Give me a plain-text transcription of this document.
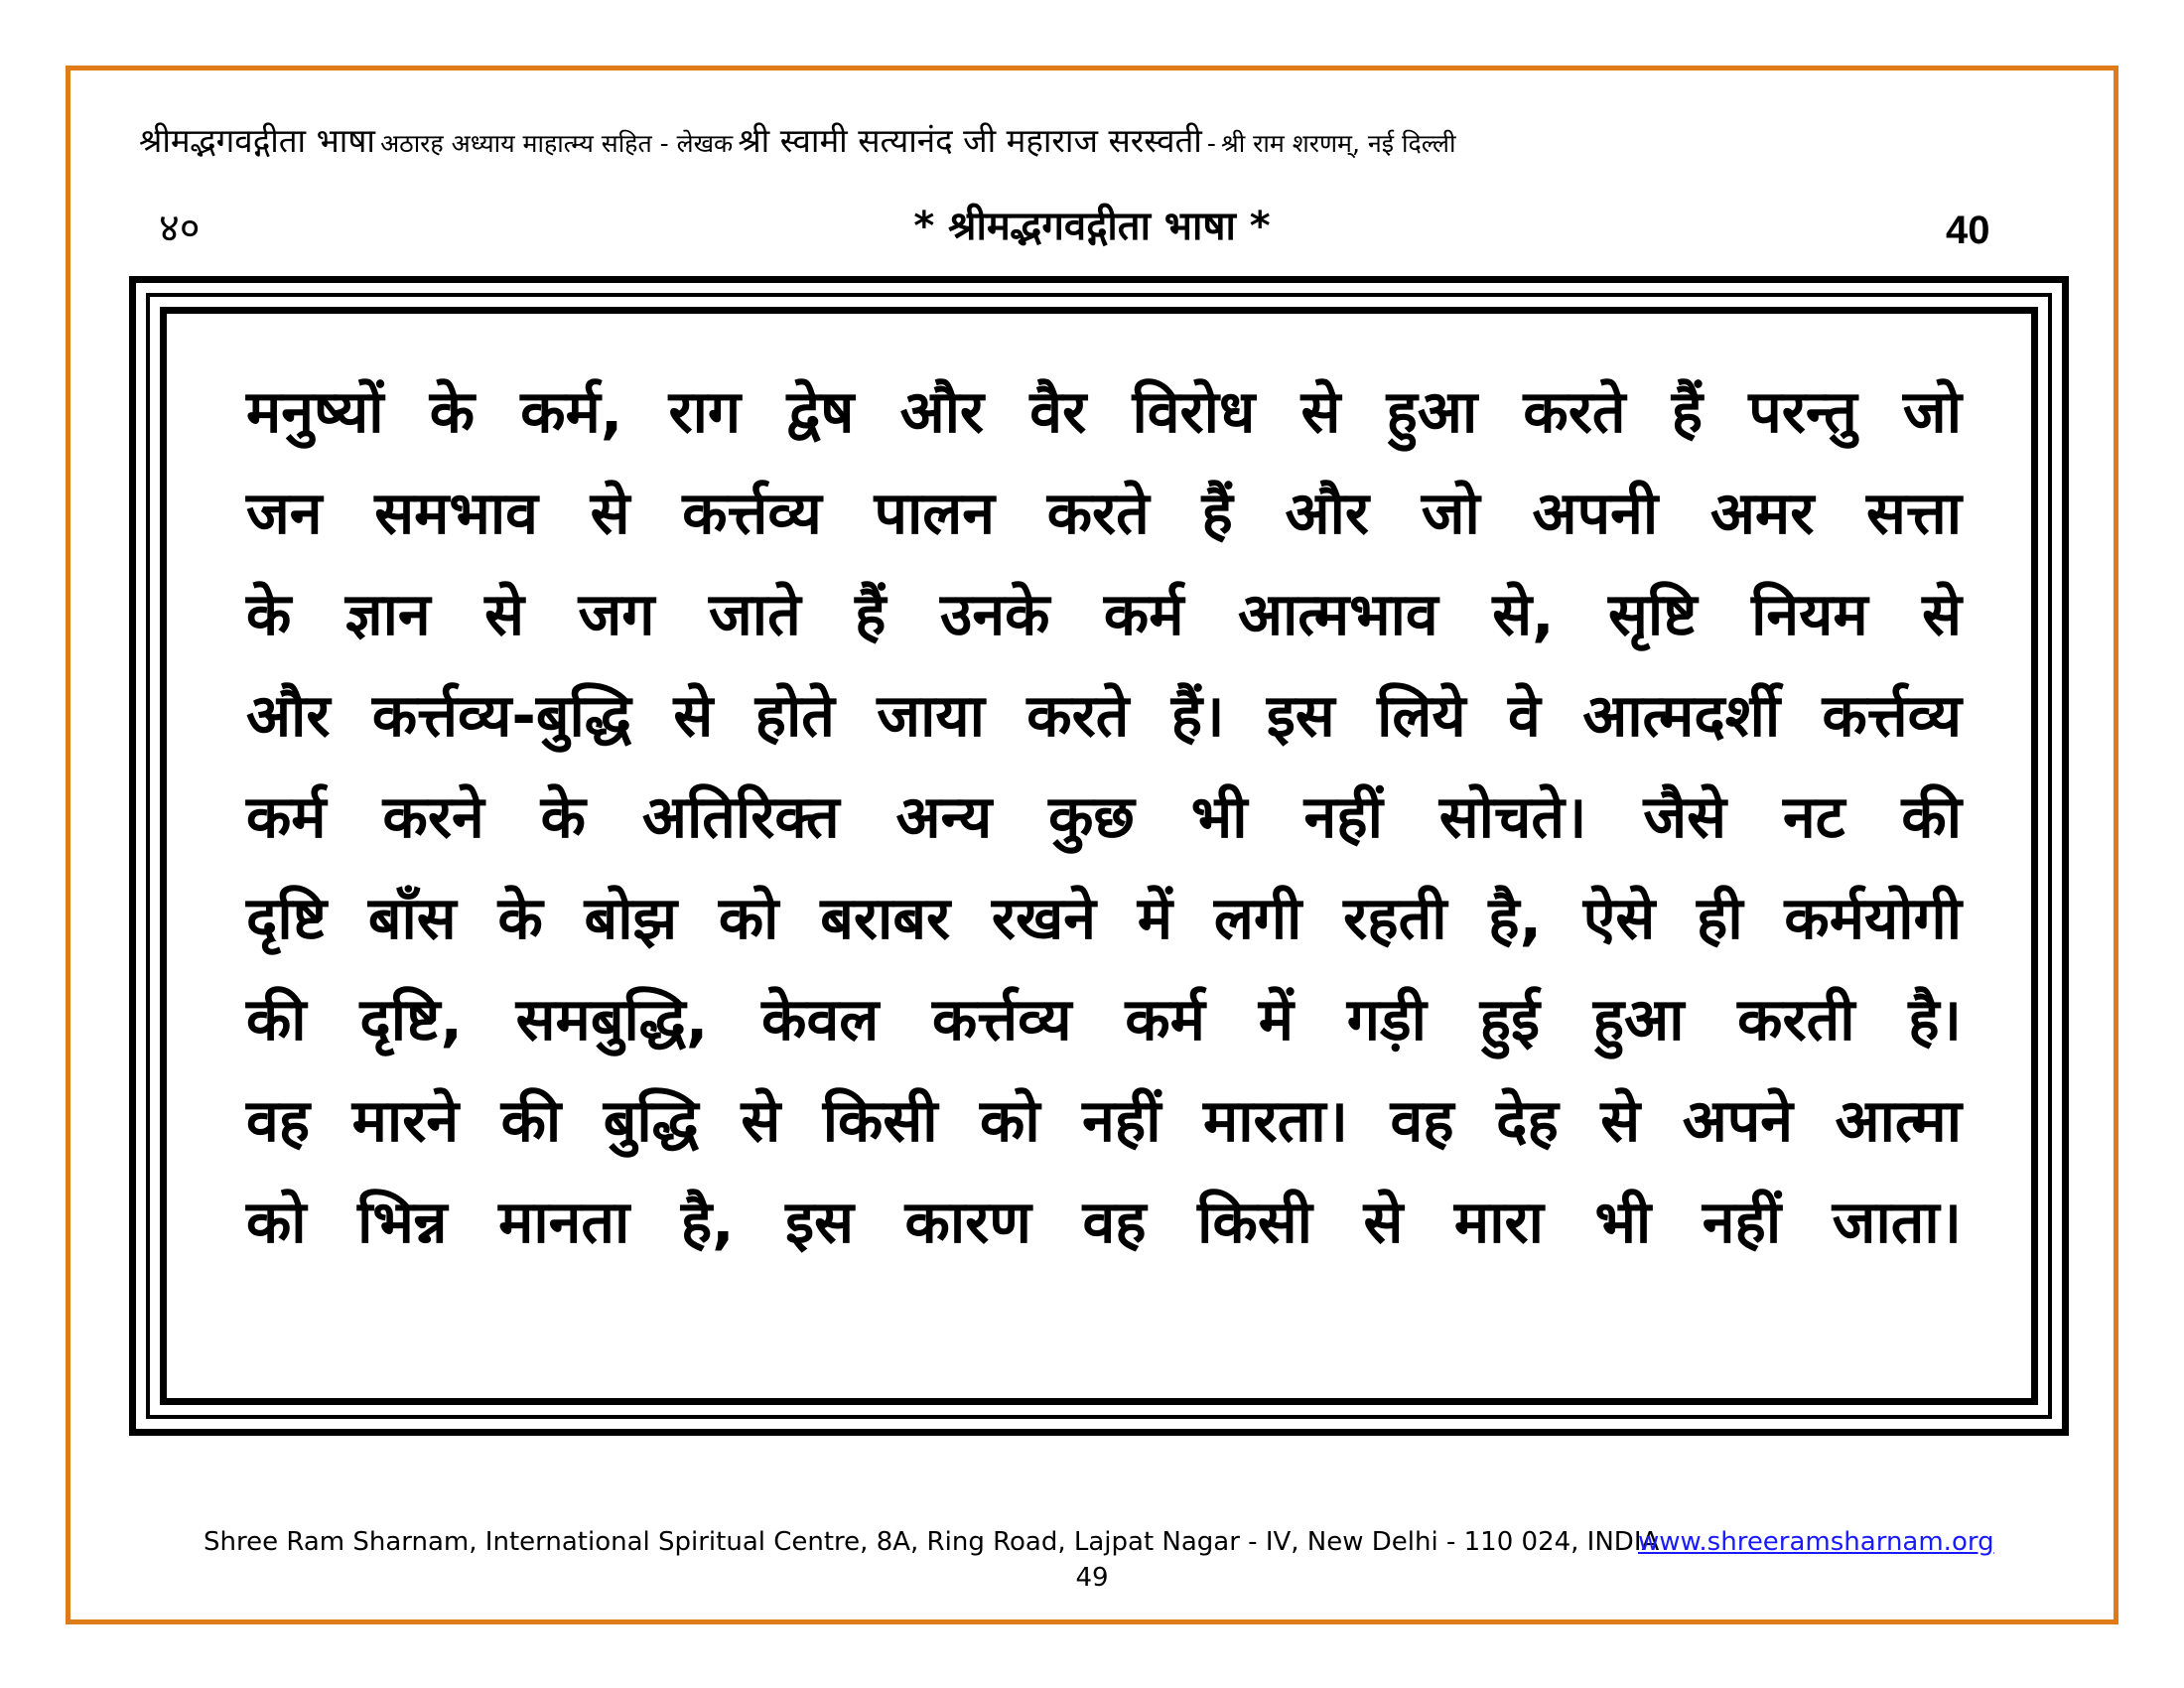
श्रीमद्भगवद्गीता भाषा अठारह अध्याय माहात्म्य सहित - लेखक श्री स्वामी सत्यानंद जी महाराज सरस्वती - श्री राम शरणम्, नई दिल्ली
४०	* श्रीमद्भगवद्गीता भाषा *	40
मनुष्यों के कर्म, राग द्वेष और वैर विरोध से हुआ करते हैं परन्तु जो
जन समभाव से कर्त्तव्य पालन करते हैं और जो अपनी अमर सत्ता
के ज्ञान से जग जाते हैं उनके कर्म आत्मभाव से, सृष्टि नियम से
और कर्त्तव्य-बुद्धि से होते जाया करते हैं। इस लिये वे आत्मदर्शी कर्त्तव्य
कर्म करने के अतिरिक्त अन्य कुछ भी नहीं सोचते। जैसे नट की
दृष्टि बाँस के बोझ को बराबर रखने में लगी रहती है, ऐसे ही कर्मयोगी
की दृष्टि, समबुद्धि, केवल कर्त्तव्य कर्म में गड़ी हुई हुआ करती है।
वह मारने की बुद्धि से किसी को नहीं मारता। वह देह से अपने आत्मा
को भिन्न मानता है, इस कारण वह किसी से मारा भी नहीं जाता।
Shree Ram Sharnam, International Spiritual Centre, 8A, Ring Road, Lajpat Nagar - IV, New Delhi - 110 024, INDIA
www.shreeramsharnam.org
49
